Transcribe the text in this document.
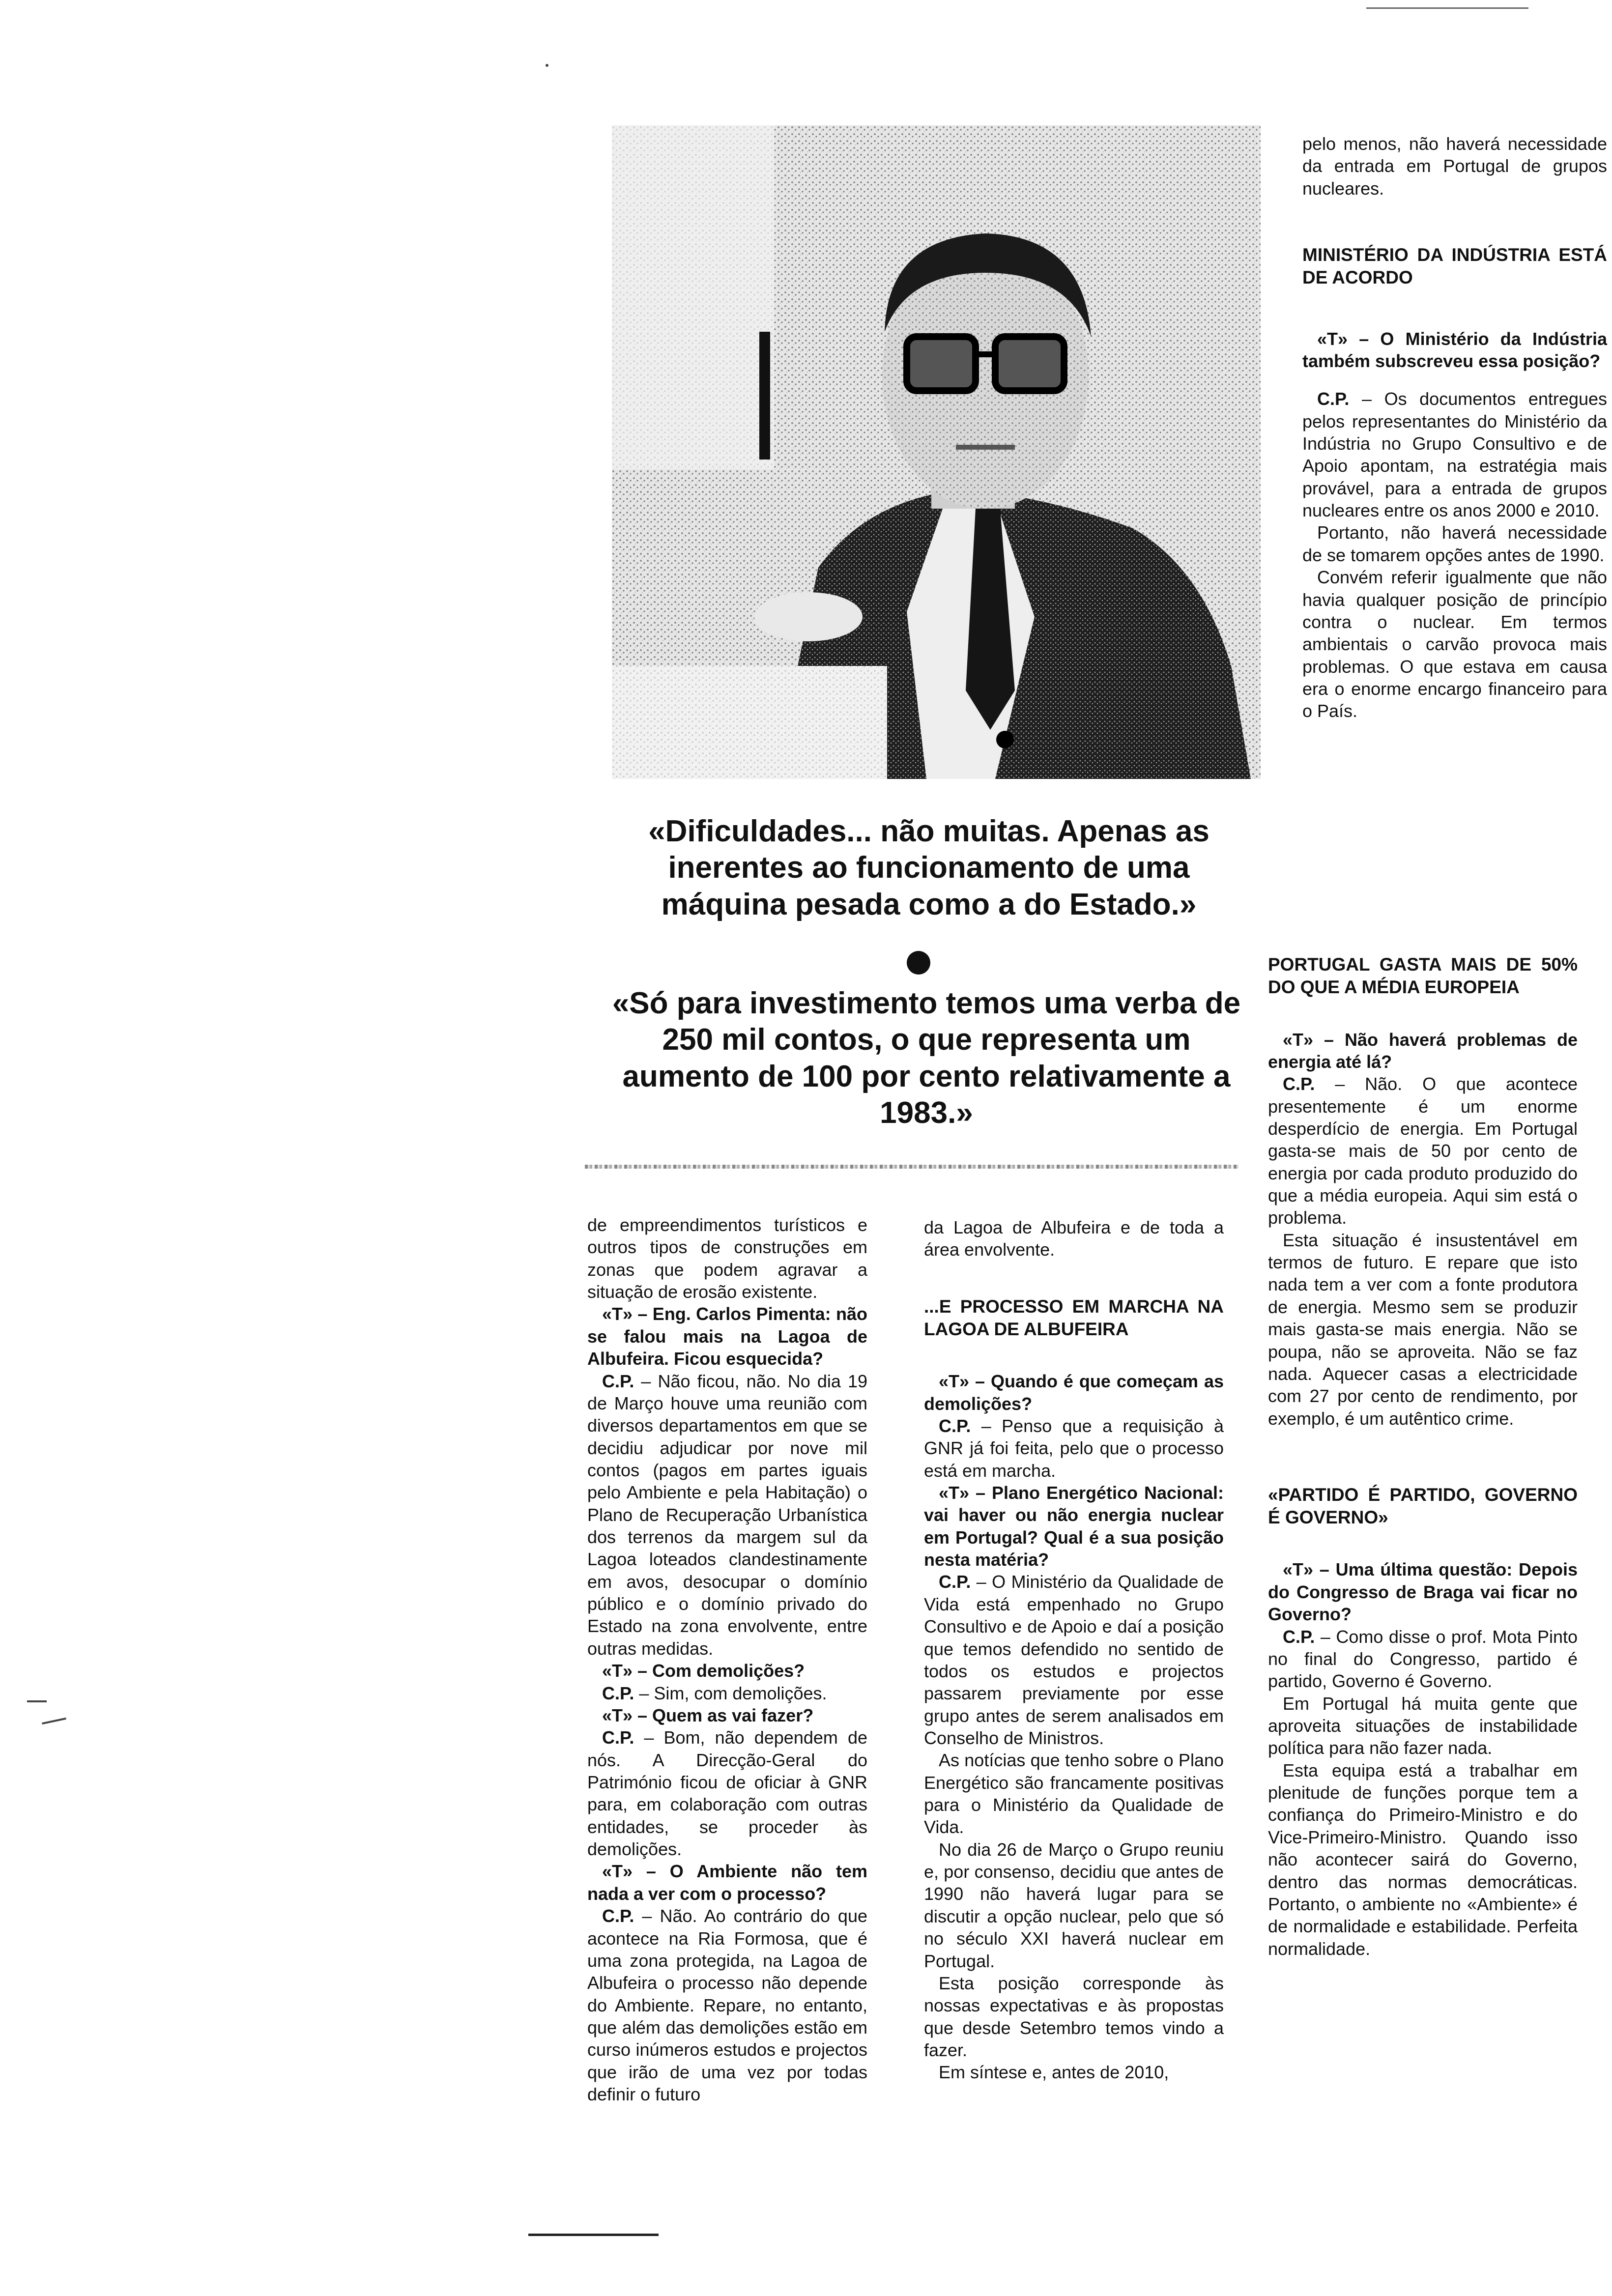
pelo menos, não haverá necessidade da entrada em Portugal de grupos nucleares.

MINISTÉRIO DA INDÚSTRIA ESTÁ DE ACORDO

«T» – O Ministério da Indústria também subscreveu essa posição?

C.P. – Os documentos entregues pelos representantes do Ministério da Indústria no Grupo Consultivo e de Apoio apontam, na estratégia mais provável, para a entrada de grupos nucleares entre os anos 2000 e 2010.

Portanto, não haverá necessidade de se tomarem opções antes de 1990.

Convém referir igualmente que não havia qualquer posição de princípio contra o nuclear. Em termos ambientais o carvão provoca mais problemas. O que estava em causa era o enorme encargo financeiro para o País.

«Dificuldades... não muitas. Apenas as inerentes ao funcionamento de uma máquina pesada como a do Estado.»
«Só para investimento temos uma verba de 250 mil contos, o que representa um aumento de 100 por cento relativamente a 1983.»

de empreendimentos turísticos e outros tipos de construções em zonas que podem agravar a situação de erosão existente.

«T» – Eng. Carlos Pimenta: não se falou mais na Lagoa de Albufeira. Ficou esquecida?

C.P. – Não ficou, não. No dia 19 de Março houve uma reunião com diversos departamentos em que se decidiu adjudicar por nove mil contos (pagos em partes iguais pelo Ambiente e pela Habitação) o Plano de Recuperação Urbanística dos terrenos da margem sul da Lagoa loteados clandestinamente em avos, desocupar o domínio público e o domínio privado do Estado na zona envolvente, entre outras medidas.

«T» – Com demolições?

C.P. – Sim, com demolições.

«T» – Quem as vai fazer?

C.P. – Bom, não dependem de nós. A Direcção-Geral do Património ficou de oficiar à GNR para, em colaboração com outras entidades, se proceder às demolições.

«T» – O Ambiente não tem nada a ver com o processo?

C.P. – Não. Ao contrário do que acontece na Ria Formosa, que é uma zona protegida, na Lagoa de Albufeira o processo não depende do Ambiente. Repare, no entanto, que além das demolições estão em curso inúmeros estudos e projectos que irão de uma vez por todas definir o futuro

da Lagoa de Albufeira e de toda a área envolvente.

...E PROCESSO EM MARCHA NA LAGOA DE ALBUFEIRA

«T» – Quando é que começam as demolições?

C.P. – Penso que a requisição à GNR já foi feita, pelo que o processo está em marcha.

«T» – Plano Energético Nacional: vai haver ou não energia nuclear em Portugal? Qual é a sua posição nesta matéria?

C.P. – O Ministério da Qualidade de Vida está empenhado no Grupo Consultivo e de Apoio e daí a posição que temos defendido no sentido de todos os estudos e projectos passarem previamente por esse grupo antes de serem analisados em Conselho de Ministros.

As notícias que tenho sobre o Plano Energético são francamente positivas para o Ministério da Qualidade de Vida.

No dia 26 de Março o Grupo reuniu e, por consenso, decidiu que antes de 1990 não haverá lugar para se discutir a opção nuclear, pelo que só no século XXI haverá nuclear em Portugal.

Esta posição corresponde às nossas expectativas e às propostas que desde Setembro temos vindo a fazer.

Em síntese e, antes de 2010,

PORTUGAL GASTA MAIS DE 50% DO QUE A MÉDIA EUROPEIA

«T» – Não haverá problemas de energia até lá?

C.P. – Não. O que acontece presentemente é um enorme desperdício de energia. Em Portugal gasta-se mais de 50 por cento de energia por cada produto produzido do que a média europeia. Aqui sim está o problema.

Esta situação é insustentável em termos de futuro. E repare que isto nada tem a ver com a fonte produtora de energia. Mesmo sem se produzir mais gasta-se mais energia. Não se poupa, não se aproveita. Não se faz nada. Aquecer casas a electricidade com 27 por cento de rendimento, por exemplo, é um autêntico crime.

«PARTIDO É PARTIDO, GOVERNO É GOVERNO»

«T» – Uma última questão: Depois do Congresso de Braga vai ficar no Governo?

C.P. – Como disse o prof. Mota Pinto no final do Congresso, partido é partido, Governo é Governo.

Em Portugal há muita gente que aproveita situações de instabilidade política para não fazer nada.

Esta equipa está a trabalhar em plenitude de funções porque tem a confiança do Primeiro-Ministro e do Vice-Primeiro-Ministro. Quando isso não acontecer sairá do Governo, dentro das normas democráticas. Portanto, o ambiente no «Ambiente» é de normalidade e estabilidade. Perfeita normalidade.
